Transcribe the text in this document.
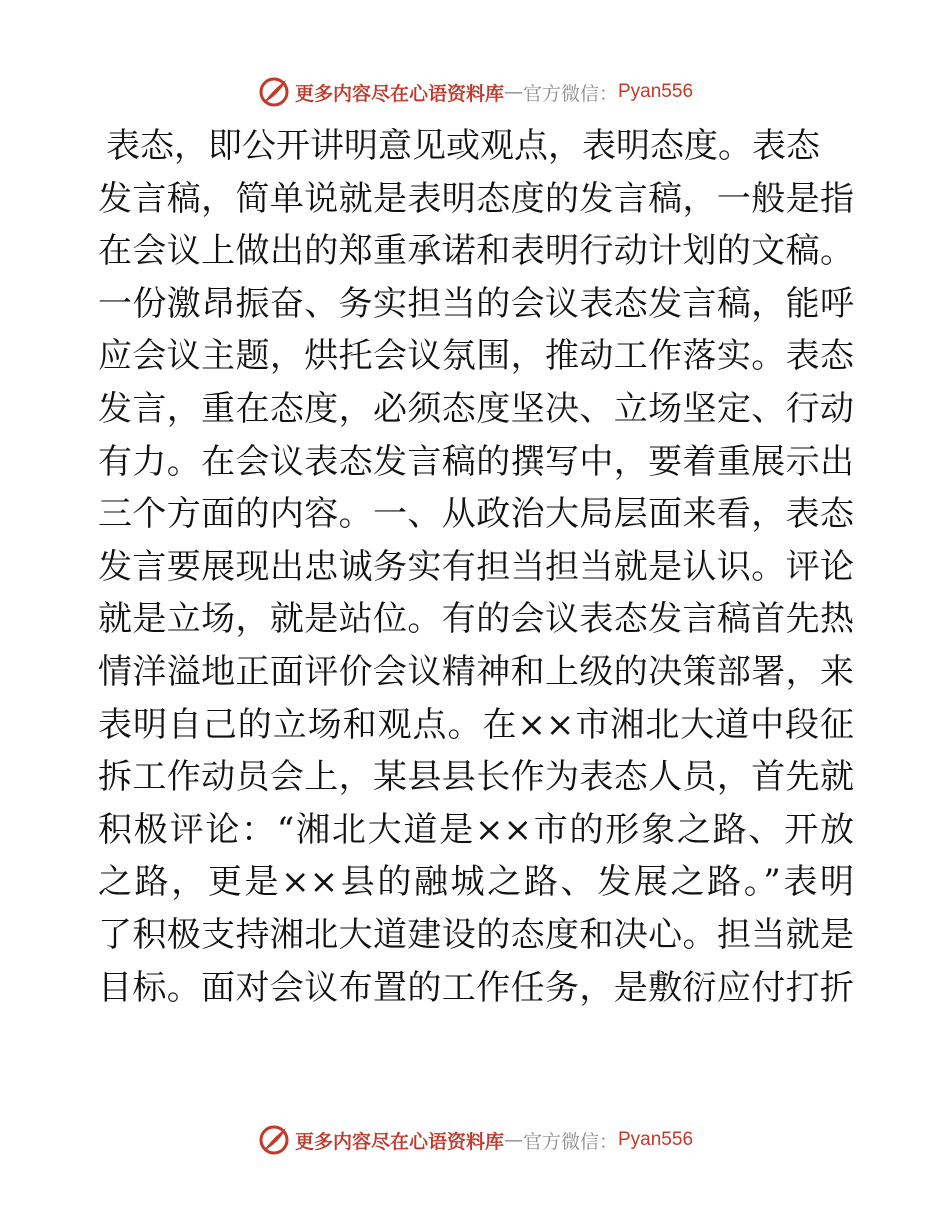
更多内容尽在心语资料库 — 官方微信： Pyan556
表态，即公开讲明意见或观点，表明态度。表态
发言稿，简单说就是表明态度的发言稿，一般是指
在会议上做出的郑重承诺和表明行动计划的文稿。
一份激昂振奋、务实担当的会议表态发言稿，能呼
应会议主题，烘托会议氛围，推动工作落实。表态
发言，重在态度，必须态度坚决、立场坚定、行动
有力。在会议表态发言稿的撰写中，要着重展示出
三个方面的内容。一、从政治大局层面来看，表态
发言要展现出忠诚务实有担当担当就是认识。评论
就是立场，就是站位。有的会议表态发言稿首先热
情洋溢地正面评价会议精神和上级的决策部署，来
表明自己的立场和观点。在××市湘北大道中段征
拆工作动员会上，某县县长作为表态人员，首先就
积极评论：“湘北大道是××市的形象之路、开放
之路，更是××县的融城之路、发展之路。”表明
了积极支持湘北大道建设的态度和决心。担当就是
目标。面对会议布置的工作任务，是敷衍应付打折
更多内容尽在心语资料库 — 官方微信： Pyan556
